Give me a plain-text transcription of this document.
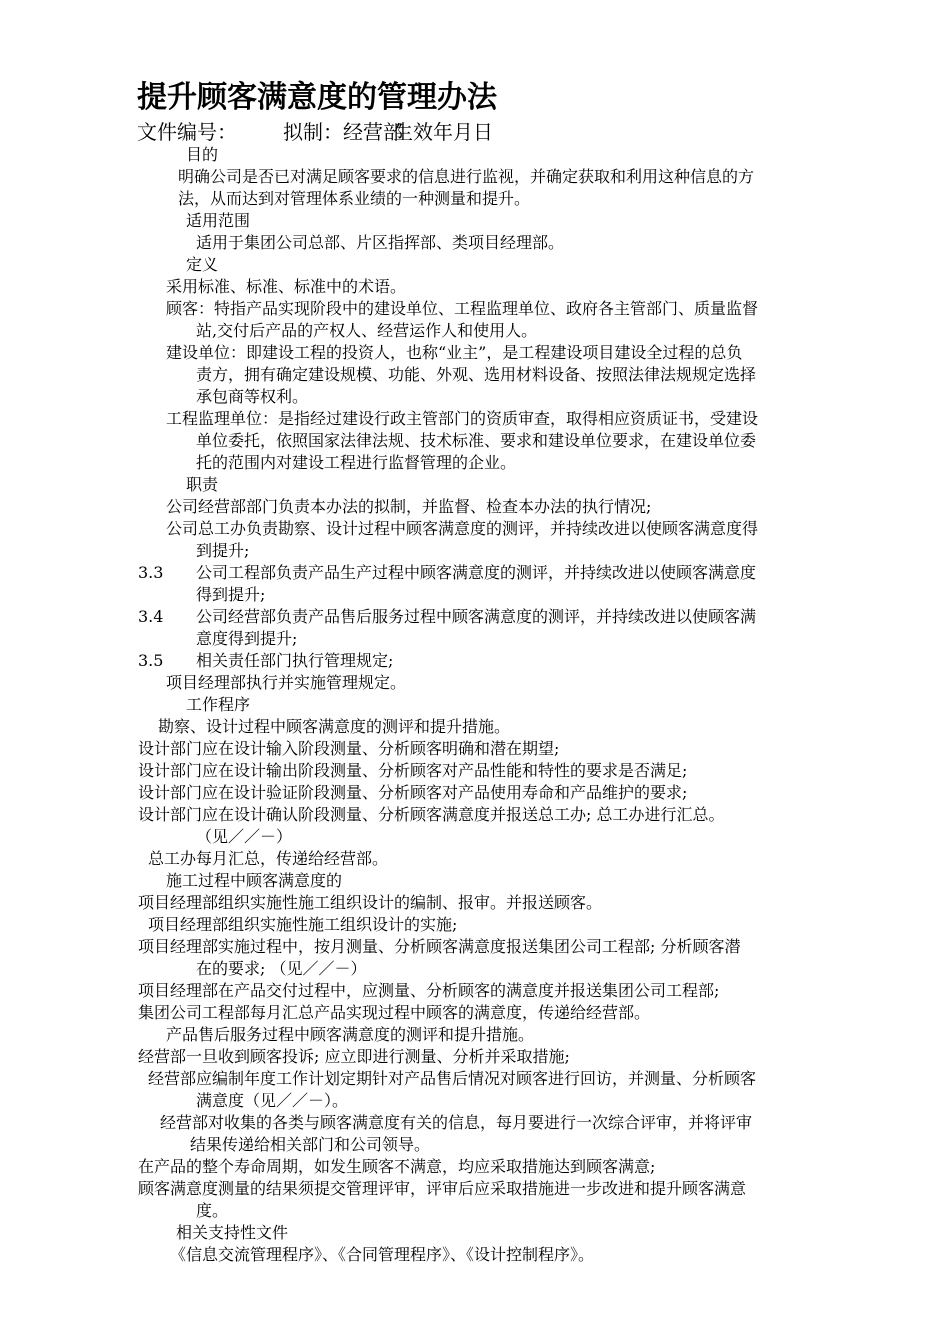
提升顾客满意度的管理办法
文件编号： 拟制：经营部生效年月日
目的
明确公司是否已对满足顾客要求的信息进行监视，并确定获取和利用这种信息的方
法，从而达到对管理体系业绩的一种测量和提升。
适用范围
适用于集团公司总部、片区指挥部、类项目经理部。
定义
采用标准、标准、标准中的术语。
顾客：特指产品实现阶段中的建设单位、工程监理单位、政府各主管部门、质量监督
站,交付后产品的产权人、经营运作人和使用人。
建设单位：即建设工程的投资人，也称“业主”，是工程建设项目建设全过程的总负
责方，拥有确定建设规模、功能、外观、选用材料设备、按照法律法规规定选择
承包商等权利。
工程监理单位：是指经过建设行政主管部门的资质审查，取得相应资质证书，受建设
单位委托，依照国家法律法规、技术标准、要求和建设单位要求，在建设单位委
托的范围内对建设工程进行监督管理的企业。
职责
公司经营部部门负责本办法的拟制，并监督、检查本办法的执行情况;
公司总工办负责勘察、设计过程中顾客满意度的测评，并持续改进以使顾客满意度得
到提升;
3.3 公司工程部负责产品生产过程中顾客满意度的测评，并持续改进以使顾客满意度
得到提升;
3.4 公司经营部负责产品售后服务过程中顾客满意度的测评，并持续改进以使顾客满
意度得到提升;
3.5 相关责任部门执行管理规定;
项目经理部执行并实施管理规定。
工作程序
勘察、设计过程中顾客满意度的测评和提升措施。
设计部门应在设计输入阶段测量、分析顾客明确和潜在期望;
设计部门应在设计输出阶段测量、分析顾客对产品性能和特性的要求是否满足;
设计部门应在设计验证阶段测量、分析顾客对产品使用寿命和产品维护的要求;
设计部门应在设计确认阶段测量、分析顾客满意度并报送总工办; 总工办进行汇总。
（见／／－）
总工办每月汇总，传递给经营部。
施工过程中顾客满意度的
项目经理部组织实施性施工组织设计的编制、报审。并报送顾客。
项目经理部组织实施性施工组织设计的实施;
项目经理部实施过程中，按月测量、分析顾客满意度报送集团公司工程部; 分析顾客潜
在的要求; （见／／－）
项目经理部在产品交付过程中，应测量、分析顾客的满意度并报送集团公司工程部;
集团公司工程部每月汇总产品实现过程中顾客的满意度，传递给经营部。
产品售后服务过程中顾客满意度的测评和提升措施。
经营部一旦收到顾客投诉; 应立即进行测量、分析并采取措施;
经营部应编制年度工作计划定期针对产品售后情况对顾客进行回访，并测量、分析顾客
满意度（见／／－）。
经营部对收集的各类与顾客满意度有关的信息，每月要进行一次综合评审，并将评审
结果传递给相关部门和公司领导。
在产品的整个寿命周期，如发生顾客不满意，均应采取措施达到顾客满意;
顾客满意度测量的结果须提交管理评审，评审后应采取措施进一步改进和提升顾客满意
度。
相关支持性文件
《信息交流管理程序》、《合同管理程序》、《设计控制程序》。
